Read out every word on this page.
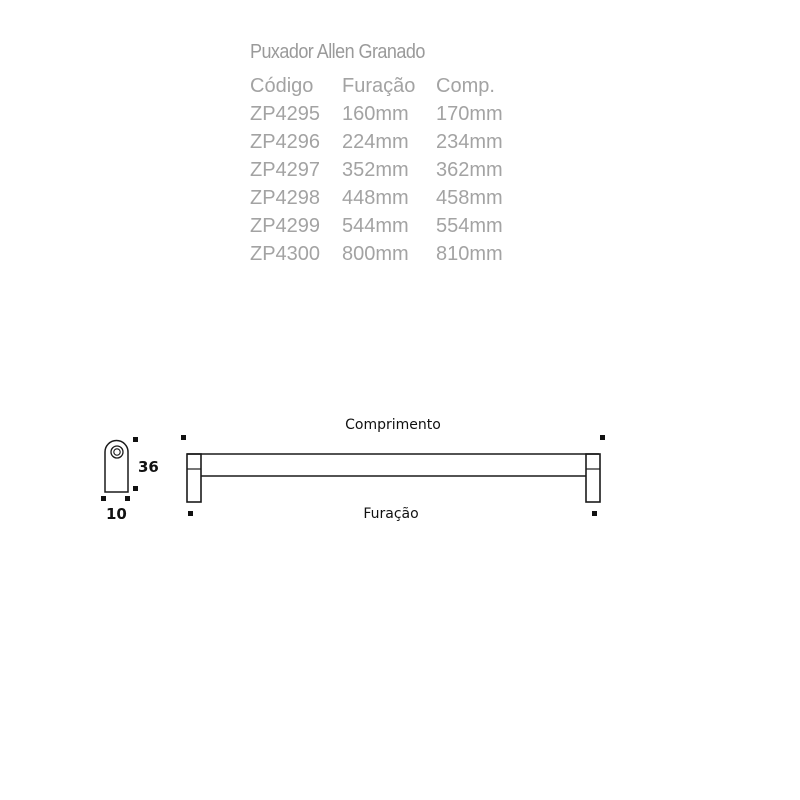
Puxador Allen Granado
Código	Furação	Comp.
ZP4295	160mm	170mm
ZP4296	224mm	234mm
ZP4297	352mm	362mm
ZP4298	448mm	458mm
ZP4299	544mm	554mm
ZP4300	800mm	810mm
36
10
Comprimento
Furação
